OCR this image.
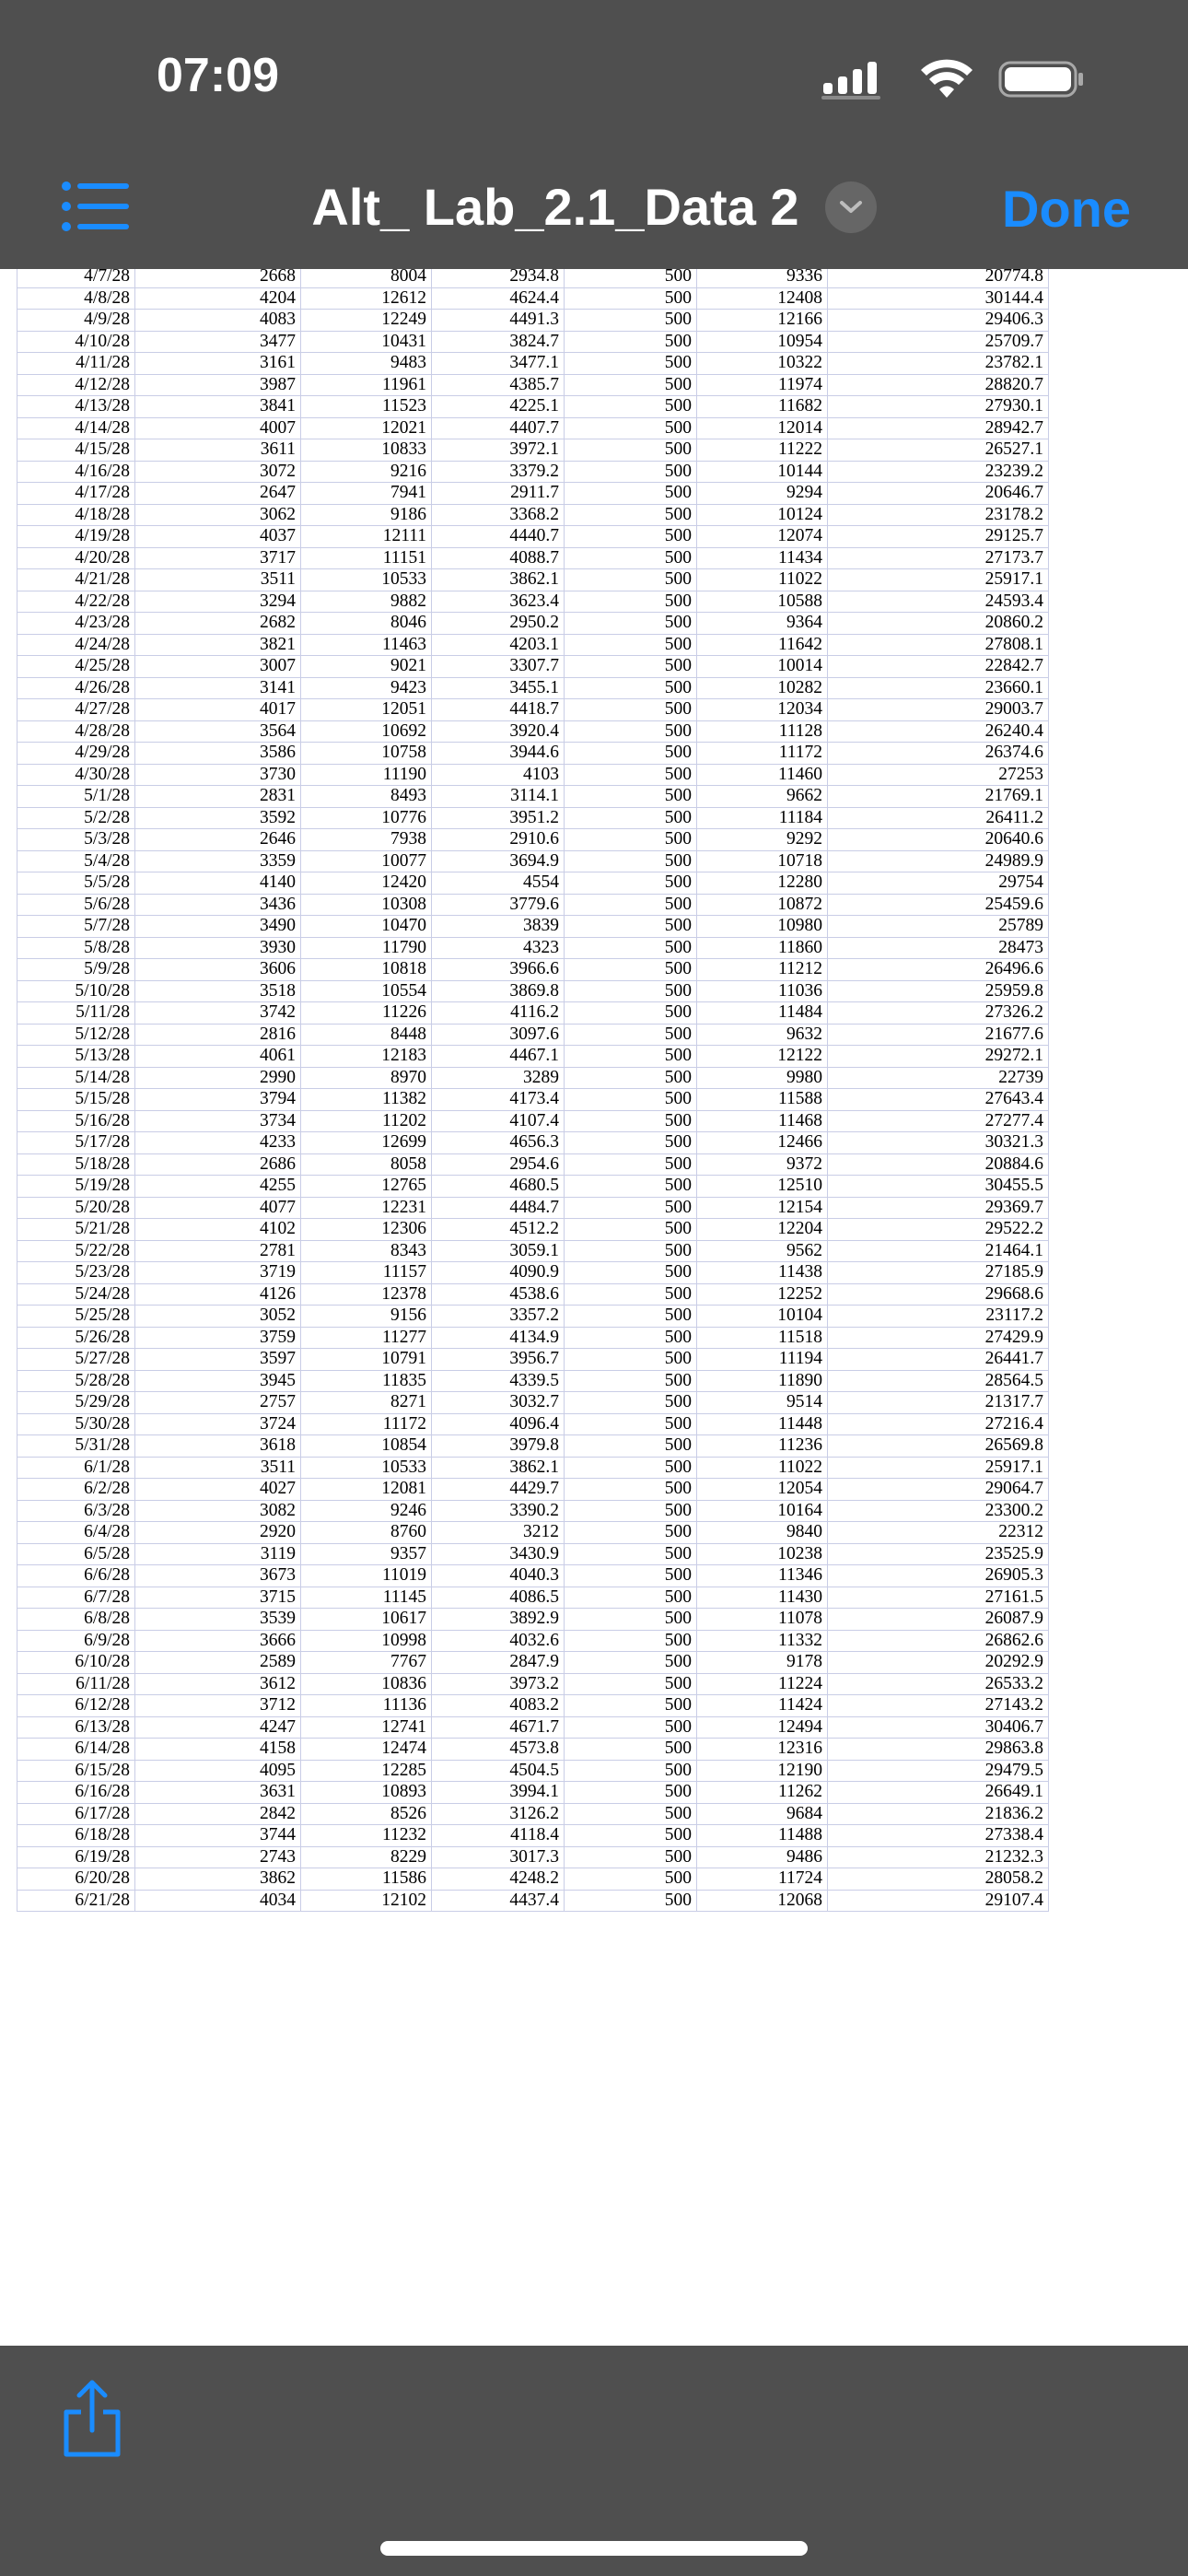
07:09
Alt_ Lab_2.1_Data 2	Done
4/7/28	2668	8004	2934.8	500	9336	20774.8
4/8/28	4204	12612	4624.4	500	12408	30144.4
4/9/28	4083	12249	4491.3	500	12166	29406.3
4/10/28	3477	10431	3824.7	500	10954	25709.7
4/11/28	3161	9483	3477.1	500	10322	23782.1
4/12/28	3987	11961	4385.7	500	11974	28820.7
4/13/28	3841	11523	4225.1	500	11682	27930.1
4/14/28	4007	12021	4407.7	500	12014	28942.7
4/15/28	3611	10833	3972.1	500	11222	26527.1
4/16/28	3072	9216	3379.2	500	10144	23239.2
4/17/28	2647	7941	2911.7	500	9294	20646.7
4/18/28	3062	9186	3368.2	500	10124	23178.2
4/19/28	4037	12111	4440.7	500	12074	29125.7
4/20/28	3717	11151	4088.7	500	11434	27173.7
4/21/28	3511	10533	3862.1	500	11022	25917.1
4/22/28	3294	9882	3623.4	500	10588	24593.4
4/23/28	2682	8046	2950.2	500	9364	20860.2
4/24/28	3821	11463	4203.1	500	11642	27808.1
4/25/28	3007	9021	3307.7	500	10014	22842.7
4/26/28	3141	9423	3455.1	500	10282	23660.1
4/27/28	4017	12051	4418.7	500	12034	29003.7
4/28/28	3564	10692	3920.4	500	11128	26240.4
4/29/28	3586	10758	3944.6	500	11172	26374.6
4/30/28	3730	11190	4103	500	11460	27253
5/1/28	2831	8493	3114.1	500	9662	21769.1
5/2/28	3592	10776	3951.2	500	11184	26411.2
5/3/28	2646	7938	2910.6	500	9292	20640.6
5/4/28	3359	10077	3694.9	500	10718	24989.9
5/5/28	4140	12420	4554	500	12280	29754
5/6/28	3436	10308	3779.6	500	10872	25459.6
5/7/28	3490	10470	3839	500	10980	25789
5/8/28	3930	11790	4323	500	11860	28473
5/9/28	3606	10818	3966.6	500	11212	26496.6
5/10/28	3518	10554	3869.8	500	11036	25959.8
5/11/28	3742	11226	4116.2	500	11484	27326.2
5/12/28	2816	8448	3097.6	500	9632	21677.6
5/13/28	4061	12183	4467.1	500	12122	29272.1
5/14/28	2990	8970	3289	500	9980	22739
5/15/28	3794	11382	4173.4	500	11588	27643.4
5/16/28	3734	11202	4107.4	500	11468	27277.4
5/17/28	4233	12699	4656.3	500	12466	30321.3
5/18/28	2686	8058	2954.6	500	9372	20884.6
5/19/28	4255	12765	4680.5	500	12510	30455.5
5/20/28	4077	12231	4484.7	500	12154	29369.7
5/21/28	4102	12306	4512.2	500	12204	29522.2
5/22/28	2781	8343	3059.1	500	9562	21464.1
5/23/28	3719	11157	4090.9	500	11438	27185.9
5/24/28	4126	12378	4538.6	500	12252	29668.6
5/25/28	3052	9156	3357.2	500	10104	23117.2
5/26/28	3759	11277	4134.9	500	11518	27429.9
5/27/28	3597	10791	3956.7	500	11194	26441.7
5/28/28	3945	11835	4339.5	500	11890	28564.5
5/29/28	2757	8271	3032.7	500	9514	21317.7
5/30/28	3724	11172	4096.4	500	11448	27216.4
5/31/28	3618	10854	3979.8	500	11236	26569.8
6/1/28	3511	10533	3862.1	500	11022	25917.1
6/2/28	4027	12081	4429.7	500	12054	29064.7
6/3/28	3082	9246	3390.2	500	10164	23300.2
6/4/28	2920	8760	3212	500	9840	22312
6/5/28	3119	9357	3430.9	500	10238	23525.9
6/6/28	3673	11019	4040.3	500	11346	26905.3
6/7/28	3715	11145	4086.5	500	11430	27161.5
6/8/28	3539	10617	3892.9	500	11078	26087.9
6/9/28	3666	10998	4032.6	500	11332	26862.6
6/10/28	2589	7767	2847.9	500	9178	20292.9
6/11/28	3612	10836	3973.2	500	11224	26533.2
6/12/28	3712	11136	4083.2	500	11424	27143.2
6/13/28	4247	12741	4671.7	500	12494	30406.7
6/14/28	4158	12474	4573.8	500	12316	29863.8
6/15/28	4095	12285	4504.5	500	12190	29479.5
6/16/28	3631	10893	3994.1	500	11262	26649.1
6/17/28	2842	8526	3126.2	500	9684	21836.2
6/18/28	3744	11232	4118.4	500	11488	27338.4
6/19/28	2743	8229	3017.3	500	9486	21232.3
6/20/28	3862	11586	4248.2	500	11724	28058.2
6/21/28	4034	12102	4437.4	500	12068	29107.4
